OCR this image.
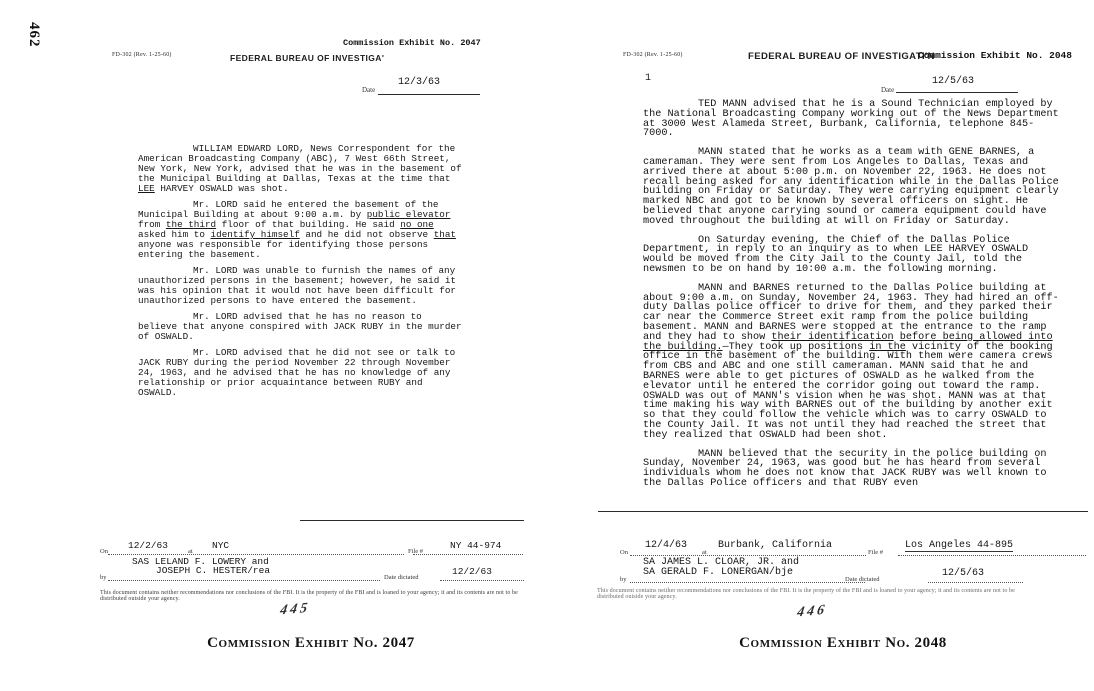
462
FD-302 (Rev. 1-25-60)	FEDERAL BUREAU OF INVESTIGA'
Commission Exhibit No. 2047
12/3/63
Date

WILLIAM EDWARD LORD, News Correspondent for the American Broadcasting Company (ABC), 7 West 66th Street, New York, New York, advised that he was in the basement of the Municipal Building at Dallas, Texas at the time that LEE HARVEY OSWALD was shot.

Mr. LORD said he entered the basement of the Municipal Building at about 9:00 a.m. by public elevator from the third floor of that building. He said no one asked him to identify himself and he did not observe that anyone was responsible for identifying those persons entering the basement.

Mr. LORD was unable to furnish the names of any unauthorized persons in the basement; however, he said it was his opinion that it would not have been difficult for unauthorized persons to have entered the basement.

Mr. LORD advised that he has no reason to believe that anyone conspired with JACK RUBY in the murder of OSWALD.

Mr. LORD advised that he did not see or talk to JACK RUBY during the period November 22 through November 24, 1963, and he advised that he has no knowledge of any relationship or prior acquaintance between RUBY and OSWALD.

On
12/2/63
at
NYC
File #
NY 44-974
SAS LELAND F. LOWERY and
JOSEPH C. HESTER/rea
by	Date dictated
12/2/63
This document contains neither recommendations nor conclusions of the FBI. It is the property of the FBI and is loaned to your agency; it and its contents are not to be distributed outside your agency.
445
Commission Exhibit No. 2047
FD-302 (Rev. 1-25-60)	FEDERAL BUREAU OF INVESTIGATI'N
Commission Exhibit No. 2048
1	12/5/63
Date

TED MANN advised that he is a Sound Technician employed by the National Broadcasting Company working out of the News Department at 3000 West Alameda Street, Burbank, California, telephone 845-7000.

MANN stated that he works as a team with GENE BARNES, a cameraman. They were sent from Los Angeles to Dallas, Texas and arrived there at about 5:00 p.m. on November 22, 1963. He does not recall being asked for any identification while in the Dallas Police building on Friday or Saturday. They were carrying equipment clearly marked NBC and got to be known by several officers on sight. He believed that anyone carrying sound or camera equipment could have moved throughout the building at will on Friday or Saturday.

On Saturday evening, the Chief of the Dallas Police Department, in reply to an inquiry as to when LEE HARVEY OSWALD would be moved from the City Jail to the County Jail, told the newsmen to be on hand by 10:00 a.m. the following morning.

MANN and BARNES returned to the Dallas Police building at about 9:00 a.m. on Sunday, November 24, 1963. They had hired an off-duty Dallas police officer to drive for them, and they parked their car near the Commerce Street exit ramp from the police building basement. MANN and BARNES were stopped at the entrance to the ramp and they had to show their identification before being allowed into the building.—They took up positions in the vicinity of the booking office in the basement of the building. With them were camera crews from CBS and ABC and one still cameraman. MANN said that he and BARNES were able to get pictures of OSWALD as he walked from the elevator until he entered the corridor going out toward the ramp. OSWALD was out of MANN's vision when he was shot. MANN was at that time making his way with BARNES out of the building by another exit so that they could follow the vehicle which was to carry OSWALD to the County Jail. It was not until they had reached the street that they realized that OSWALD had been shot.

MANN believed that the security in the police building on Sunday, November 24, 1963, was good but he has heard from several individuals whom he does not know that JACK RUBY was well known to the Dallas Police officers and that RUBY even

On
12/4/63
at
Burbank, California
File #
Los Angeles 44-895
SA JAMES L. CLOAR, JR. and
SA GERALD F. LONERGAN/bje
by	Date dictated
12/5/63
This document contains neither recommendations nor conclusions of the FBI. It is the property of the FBI and is loaned to your agency; it and its contents are not to be distributed outside your agency.
446
Commission Exhibit No. 2048
